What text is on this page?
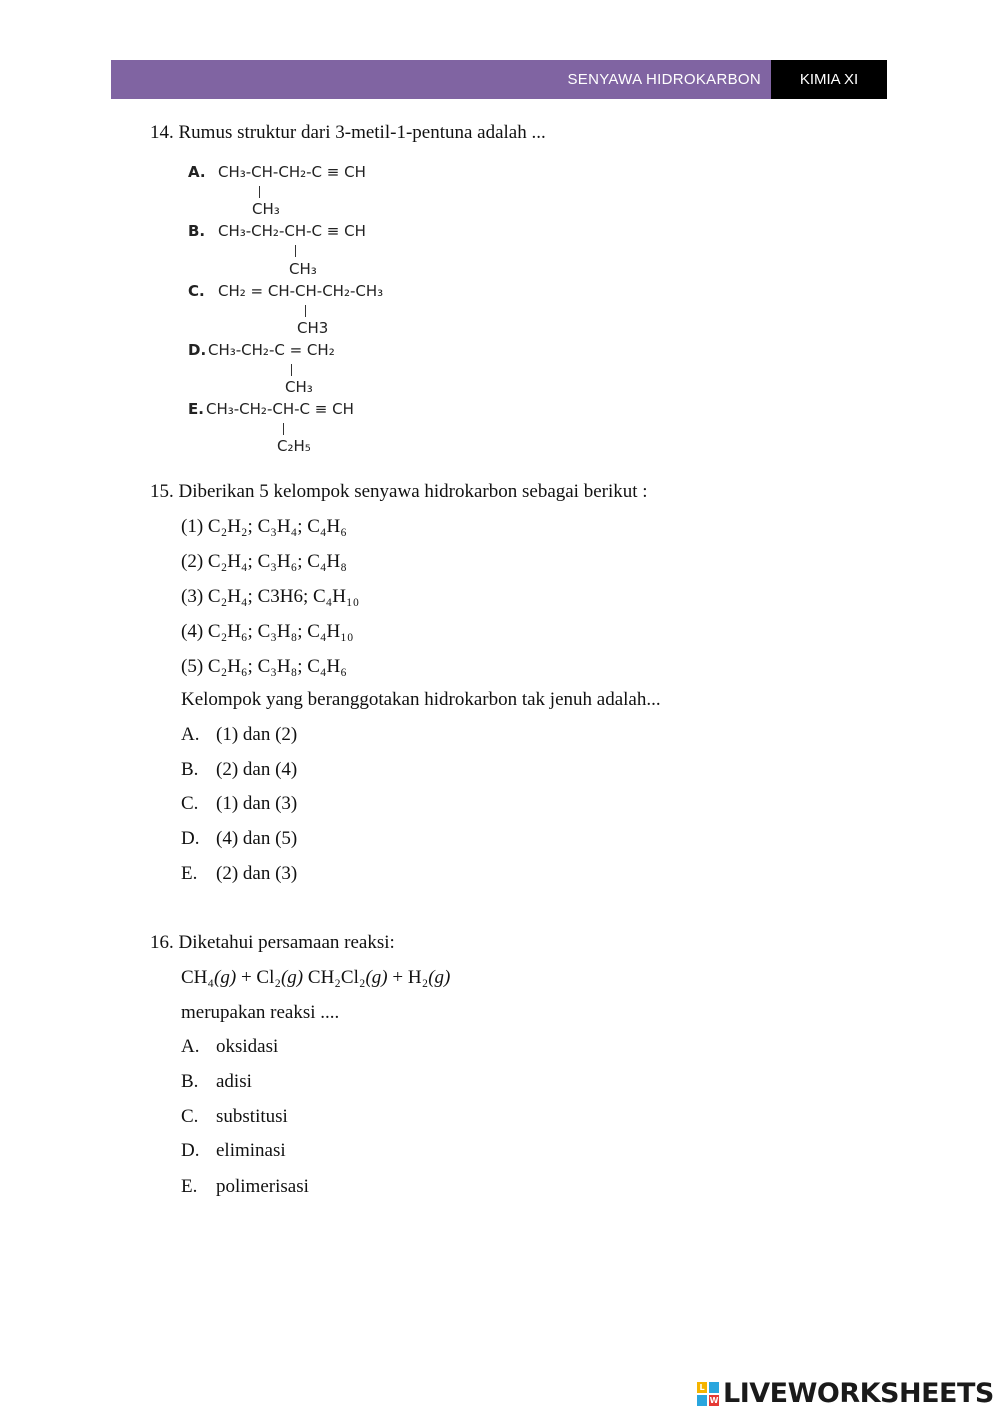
SENYAWA HIDROKARBON	KIMIA XI
14. Rumus struktur dari 3-metil-1-pentuna adalah ...
A. CH₃-CH-CH₂-C ≡ CH
CH₃
B. CH₃-CH₂-CH-C ≡ CH
CH₃
C. CH₂ = CH-CH-CH₂-CH₃
CH3
D. CH₃-CH₂-C = CH₂
CH₃
E. CH₃-CH₂-CH-C ≡ CH
C₂H₅
15. Diberikan 5 kelompok senyawa hidrokarbon sebagai berikut :
(1) C₂H₂; C₃H₄; C₄H₆
(2) C₂H₄; C₃H₆; C₄H₈
(3) C₂H₄; C3H6; C₄H₁₀
(4) C₂H₆; C₃H₈; C₄H₁₀
(5) C₂H₆; C₃H₈; C₄H₆
Kelompok yang beranggotakan hidrokarbon tak jenuh adalah...
A. (1) dan (2)
B. (2) dan (4)
C. (1) dan (3)
D. (4) dan (5)
E. (2) dan (3)
16. Diketahui persamaan reaksi:
CH₄(g) + Cl₂(g) CH₂Cl₂(g) + H₂(g)
merupakan reaksi ....
A. oksidasi
B. adisi
C. substitusi
D. eliminasi
E. polimerisasi
L
W LIVEWORKSHEETS
